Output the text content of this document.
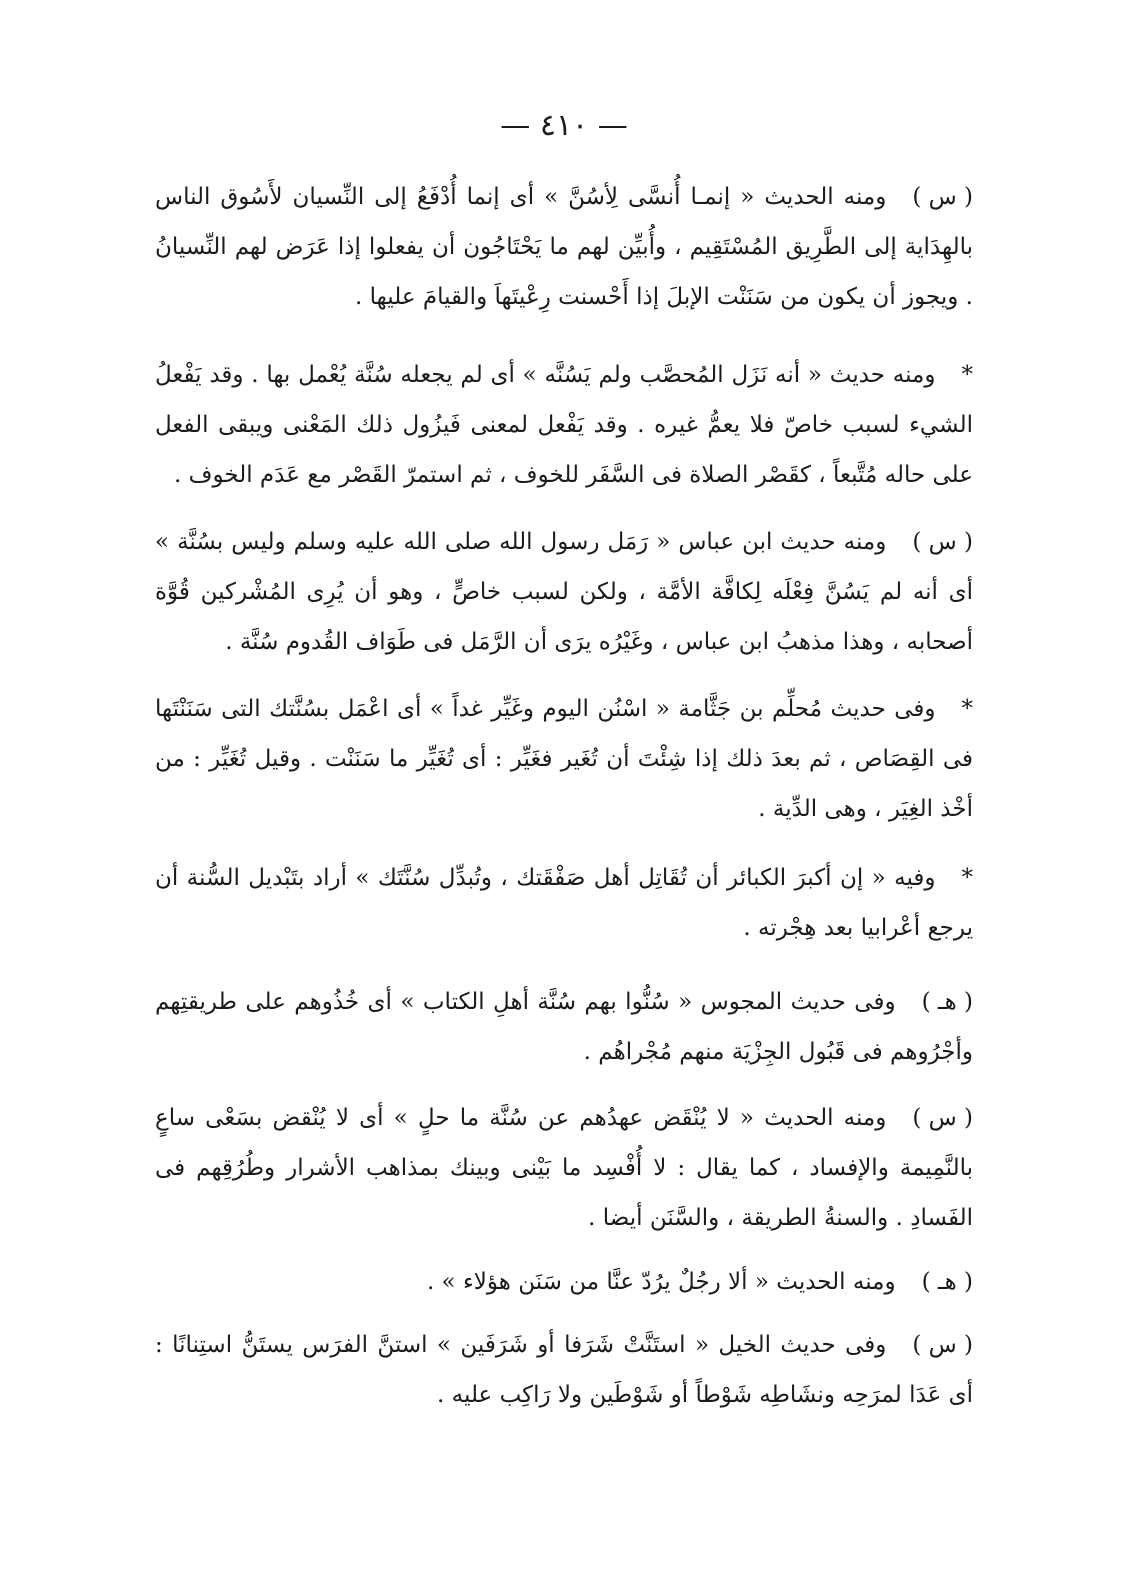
— ٤١٠ —

( س )ومنه الحديث « إنمـا أُنسَّى لِأسُنَّ » أى إنما أُدْفَعُ إلى النِّسيان لأَسُوق الناس بالهِدَاية إلى الطَّرِيق المُسْتَقِيم ، وأُبيِّن لهم ما يَحْتَاجُون أن يفعلوا إذا عَرَض لهم النِّسيانُ . ويجوز أن يكون من سَنَنْت الإبلَ إذا أَحْسنت رِعْيتَهاَ والقيامَ عليها .

*ومنه حديث « أنه نَزَل المُحصَّب ولم يَسُنَّه » أى لم يجعله سُنَّة يُعْمل بها . وقد يَفْعلُ الشيء لسبب خاصّ فلا يعمُّ غيره . وقد يَفْعل لمعنى فَيزُول ذلك المَعْنى ويبقى الفعل على حاله مُتَّبعاً ، كقَصْر الصلاة فى السَّفَر للخوف ، ثم استمرّ القَصْر مع عَدَم الخوف .

( س )ومنه حديث ابن عباس « رَمَل رسول الله صلى الله عليه وسلم وليس بسُنَّة » أى أنه لم يَسُنَّ فِعْلَه لِكافَّة الأمَّة ، ولكن لسبب خاصٍّ ، وهو أن يُرِى المُشْركين قُوَّة أصحابه ، وهذا مذهبُ ابن عباس ، وغَيْرُه يرَى أن الرَّمَل فى طَوَاف القُدوم سُنَّة .

*وفى حديث مُحلِّم بن جَثَّامة « اسْنُن اليوم وغَيِّر غداً » أى اعْمَل بسُنَّتك التى سَنَنْتَها فى القِصَاص ، ثم بعدَ ذلك إذا شِئْتَ أن تُغَير فغَيِّر : أى تُغَيِّر ما سَنَنْت . وقيل تُغَيِّر : من أخْذ الغِيَر ، وهى الدِّية .

*وفيه « إن أكبرَ الكبائر أن تُقَاتِل أهل صَفْقَتك ، وتُبدِّل سُنَّتَك » أراد بتَبْديل السُّنة أن يرجع أعْرابيا بعد هِجْرته .

( هـ )وفى حديث المجوس « سُنُّوا بهم سُنَّة أهلِ الكتاب » أى خُذُوهم على طريقتِهم وأجْرُوهم فى قَبُول الجِزْيَة منهم مُجْراهُم .

( س )ومنه الحديث « لا يُنْقَض عهدُهم عن سُنَّة ما حلٍ » أى لا يُنْقض بسَعْى ساعٍ بالنَّمِيمة والإفساد ، كما يقال : لا أُفْسِد ما بَيْنى وبينك بمذاهب الأشرار وطُرُقِهم فى الفَسادِ . والسنةُ الطريقة ، والسَّنَن أيضا .

( هـ )ومنه الحديث « ألا رجُلٌ يرُدّ عنَّا من سَنَن هؤلاء » .

( س )وفى حديث الخيل « استَنَّتْ شَرَفا أو شَرَفَين » استنَّ الفرَس يستَنُّ استِنانًا : أى عَدَا لمرَحِه ونشَاطِه شَوْطاً أو شَوْطَين ولا رَاكِب عليه .
